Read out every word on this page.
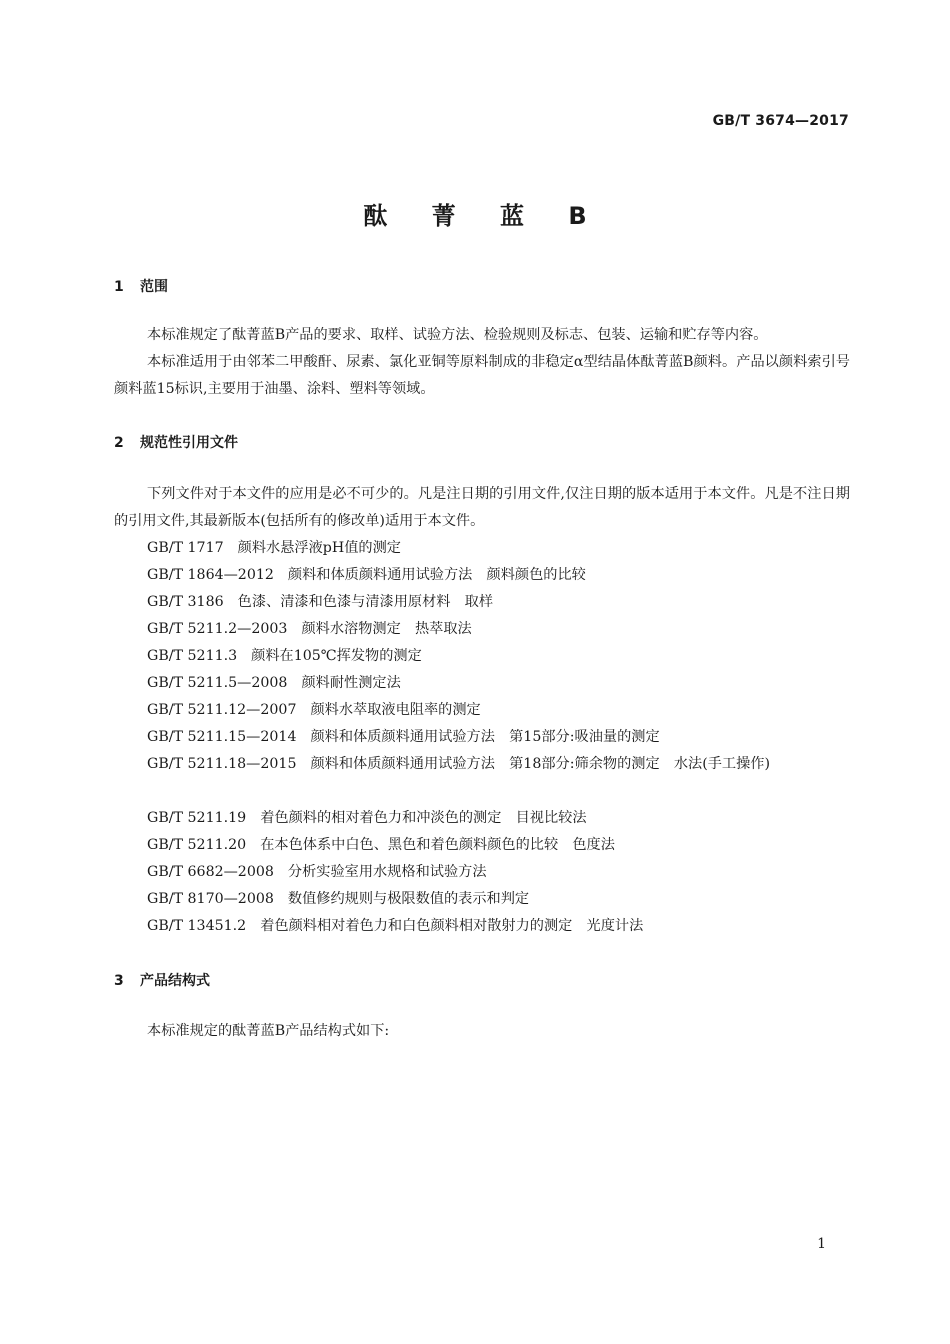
GB/T 3674—2017
酞 菁 蓝 B
1 范围
本标准规定了酞菁蓝B产品的要求、取样、试验方法、检验规则及标志、包装、运输和贮存等内容。
本标准适用于由邻苯二甲酸酐、尿素、氯化亚铜等原料制成的非稳定α型结晶体酞菁蓝B颜料。产品以颜料索引号颜料蓝15标识,主要用于油墨、涂料、塑料等领域。
2 规范性引用文件
下列文件对于本文件的应用是必不可少的。凡是注日期的引用文件,仅注日期的版本适用于本文件。凡是不注日期的引用文件,其最新版本(包括所有的修改单)适用于本文件。
GB/T 1717 颜料水悬浮液pH值的测定
GB/T 1864—2012 颜料和体质颜料通用试验方法　颜料颜色的比较
GB/T 3186 色漆、清漆和色漆与清漆用原材料　取样
GB/T 5211.2—2003 颜料水溶物测定　热萃取法
GB/T 5211.3 颜料在105℃挥发物的测定
GB/T 5211.5—2008 颜料耐性测定法
GB/T 5211.12—2007 颜料水萃取液电阻率的测定
GB/T 5211.15—2014 颜料和体质颜料通用试验方法　第15部分:吸油量的测定
GB/T 5211.18—2015 颜料和体质颜料通用试验方法　第18部分:筛余物的测定　水法(手工操作)
GB/T 5211.19 着色颜料的相对着色力和冲淡色的测定　目视比较法
GB/T 5211.20 在本色体系中白色、黑色和着色颜料颜色的比较　色度法
GB/T 6682—2008 分析实验室用水规格和试验方法
GB/T 8170—2008 数值修约规则与极限数值的表示和判定
GB/T 13451.2 着色颜料相对着色力和白色颜料相对散射力的测定　光度计法
3 产品结构式
本标准规定的酞菁蓝B产品结构式如下:
1
